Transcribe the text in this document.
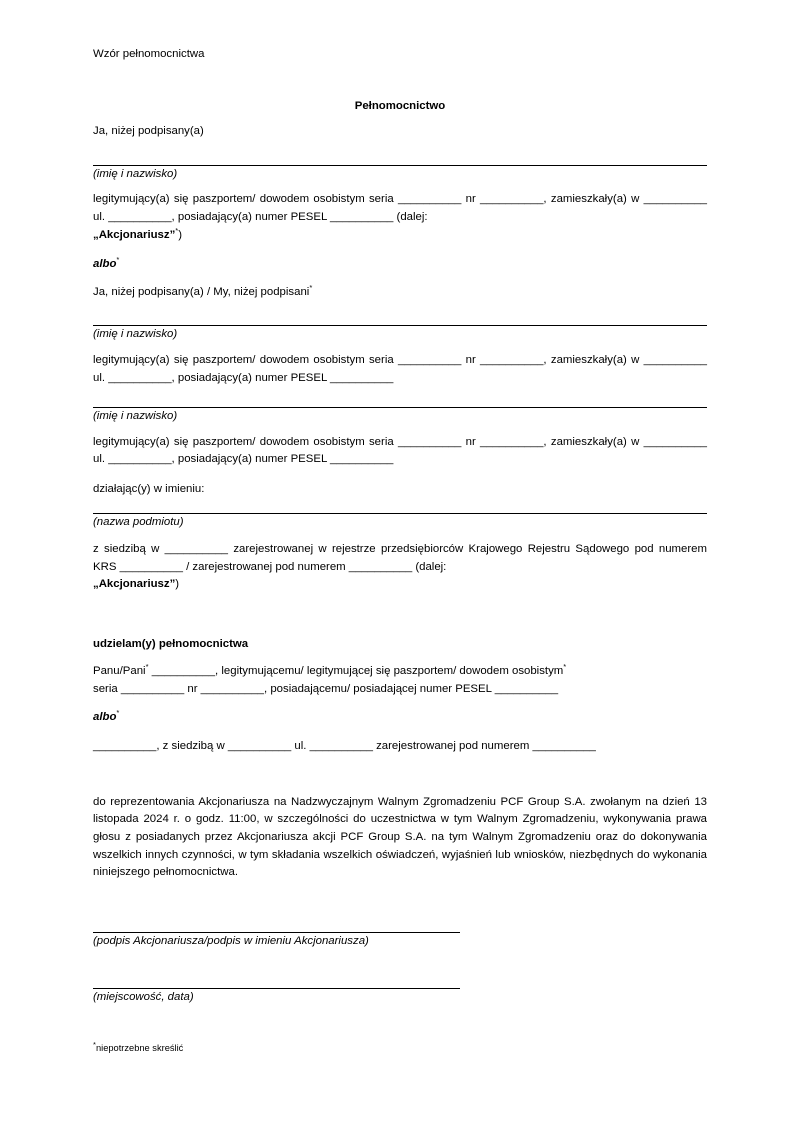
Wzór pełnomocnictwa

Pełnomocnictwo

Ja, niżej podpisany(a)

(imię i nazwisko)

legitymujący(a) się paszportem/ dowodem osobistym seria __________ nr __________, zamieszkały(a) w __________ ul. __________, posiadający(a) numer PESEL __________ (dalej:
„Akcjonariusz”*)

albo*

Ja, niżej podpisany(a) / My, niżej podpisani*

(imię i nazwisko)

legitymujący(a) się paszportem/ dowodem osobistym seria __________ nr __________, zamieszkały(a) w __________ ul. __________, posiadający(a) numer PESEL __________

(imię i nazwisko)

legitymujący(a) się paszportem/ dowodem osobistym seria __________ nr __________, zamieszkały(a) w __________ ul. __________, posiadający(a) numer PESEL __________

działając(y) w imieniu:

(nazwa podmiotu)

z siedzibą w __________ zarejestrowanej w rejestrze przedsiębiorców Krajowego Rejestru Sądowego pod numerem KRS __________ / zarejestrowanej pod numerem __________ (dalej:
„Akcjonariusz”)

udzielam(y) pełnomocnictwa

Panu/Pani* __________, legitymującemu/ legitymującej się paszportem/ dowodem osobistym*
seria __________ nr __________, posiadającemu/ posiadającej numer PESEL __________

albo*

__________, z siedzibą w __________ ul. __________ zarejestrowanej pod numerem __________

do reprezentowania Akcjonariusza na Nadzwyczajnym Walnym Zgromadzeniu PCF Group S.A. zwołanym na dzień 13 listopada 2024 r. o godz. 11:00, w szczególności do uczestnictwa w tym Walnym Zgromadzeniu, wykonywania prawa głosu z posiadanych przez Akcjonariusza akcji PCF Group S.A. na tym Walnym Zgromadzeniu oraz do dokonywania wszelkich innych czynności, w tym składania wszelkich oświadczeń, wyjaśnień lub wniosków, niezbędnych do wykonania niniejszego pełnomocnictwa.

(podpis Akcjonariusza/podpis w imieniu Akcjonariusza)

(miejscowość, data)

*niepotrzebne skreślić
